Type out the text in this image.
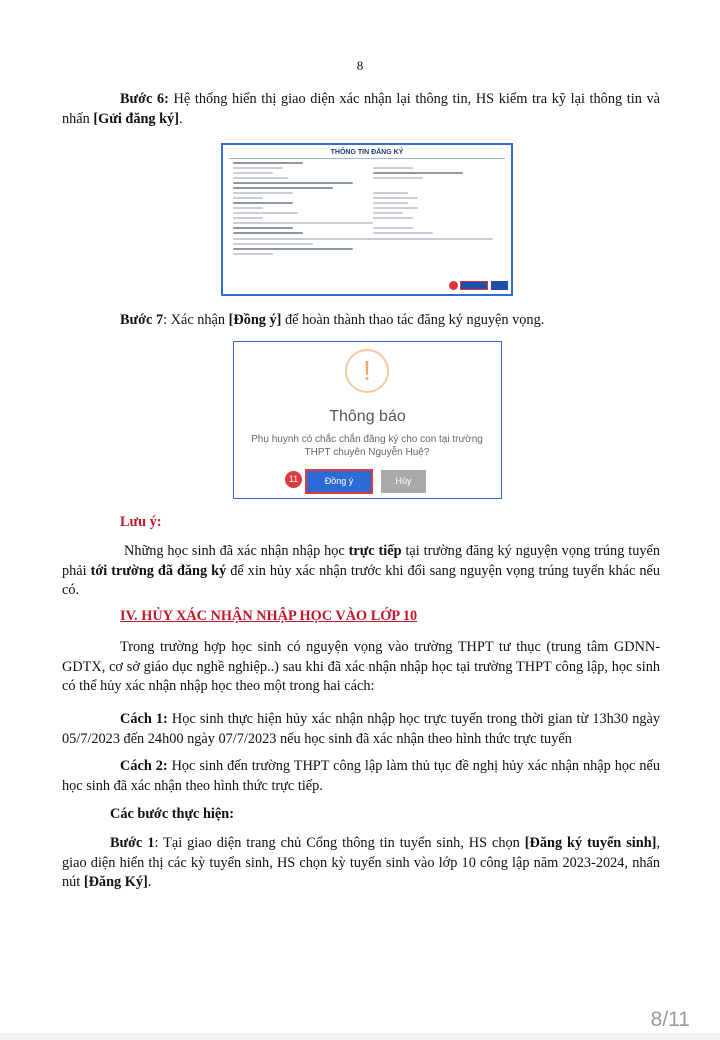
8

Bước 6: Hệ thống hiển thị giao diện xác nhận lại thông tin, HS kiểm tra kỹ lại thông tin và nhấn [Gửi đăng ký].

THÔNG TIN ĐĂNG KÝ

Bước 7: Xác nhận [Đồng ý] để hoàn thành thao tác đăng ký nguyện vọng.

!
Thông báo
Phụ huynh có chắc chắn đăng ký cho con tại trường THPT chuyên Nguyễn Huệ?
11	Đồng ý	Hủy
Lưu ý:

Những học sinh đã xác nhận nhập học trực tiếp tại trường đăng ký nguyện vọng trúng tuyển phải tới trường đã đăng ký để xin hủy xác nhận trước khi đổi sang nguyện vọng trúng tuyển khác nếu có.

IV. HỦY XÁC NHẬN NHẬP HỌC VÀO LỚP 10

Trong trường hợp học sinh có nguyện vọng vào trường THPT tư thục (trung tâm GDNN-GDTX, cơ sở giáo dục nghề nghiệp..) sau khi đã xác nhận nhập học tại trường THPT công lập, học sinh có thể hủy xác nhận nhập học theo một trong hai cách:

Cách 1: Học sinh thực hiện hủy xác nhận nhập học trực tuyến trong thời gian từ 13h30 ngày 05/7/2023 đến 24h00 ngày 07/7/2023 nếu học sinh đã xác nhận theo hình thức trực tuyến

Cách 2: Học sinh đến trường THPT công lập làm thủ tục đề nghị hủy xác nhận nhập học nếu học sinh đã xác nhận theo hình thức trực tiếp.

Các bước thực hiện:

Bước 1: Tại giao diện trang chủ Cổng thông tin tuyển sinh, HS chọn [Đăng ký tuyển sinh], giao diện hiển thị các kỳ tuyển sinh, HS chọn kỳ tuyển sinh vào lớp 10 công lập năm 2023-2024, nhấn nút [Đăng Ký].

8/11
